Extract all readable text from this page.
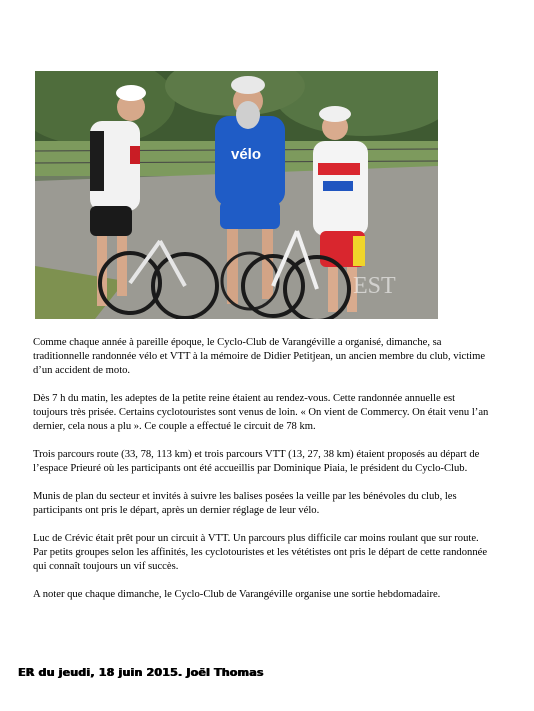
vélo
EST

Comme chaque année à pareille époque, le Cyclo-Club de Varangéville a organisé, dimanche, sa traditionnelle randonnée vélo et VTT à la mémoire de Didier Petitjean, un ancien membre du club, victime d’un accident de moto.

Dès 7 h du matin, les adeptes de la petite reine étaient au rendez-vous. Cette randonnée annuelle est toujours très prisée. Certains cyclotouristes sont venus de loin. « On vient de Commercy. On était venu l’an dernier, cela nous a plu ». Ce couple a effectué le circuit de 78 km.

Trois parcours route (33, 78, 113 km) et trois parcours VTT (13, 27, 38 km) étaient proposés au départ de l’espace Prieuré où les participants ont été accueillis par Dominique Piaia, le président du Cyclo-Club.

Munis de plan du secteur et invités à suivre les balises posées la veille par les bénévoles du club, les participants ont pris le départ, après un dernier réglage de leur vélo.

Luc de Crévic était prêt pour un circuit à VTT. Un parcours plus difficile car moins roulant que sur route. Par petits groupes selon les affinités, les cyclotouristes et les vététistes ont pris le départ de cette randonnée qui connaît toujours un vif succès.

A noter que chaque dimanche, le Cyclo-Club de Varangéville organise une sortie hebdomadaire.

ER du jeudi, 18 juin 2015. Joël Thomas
